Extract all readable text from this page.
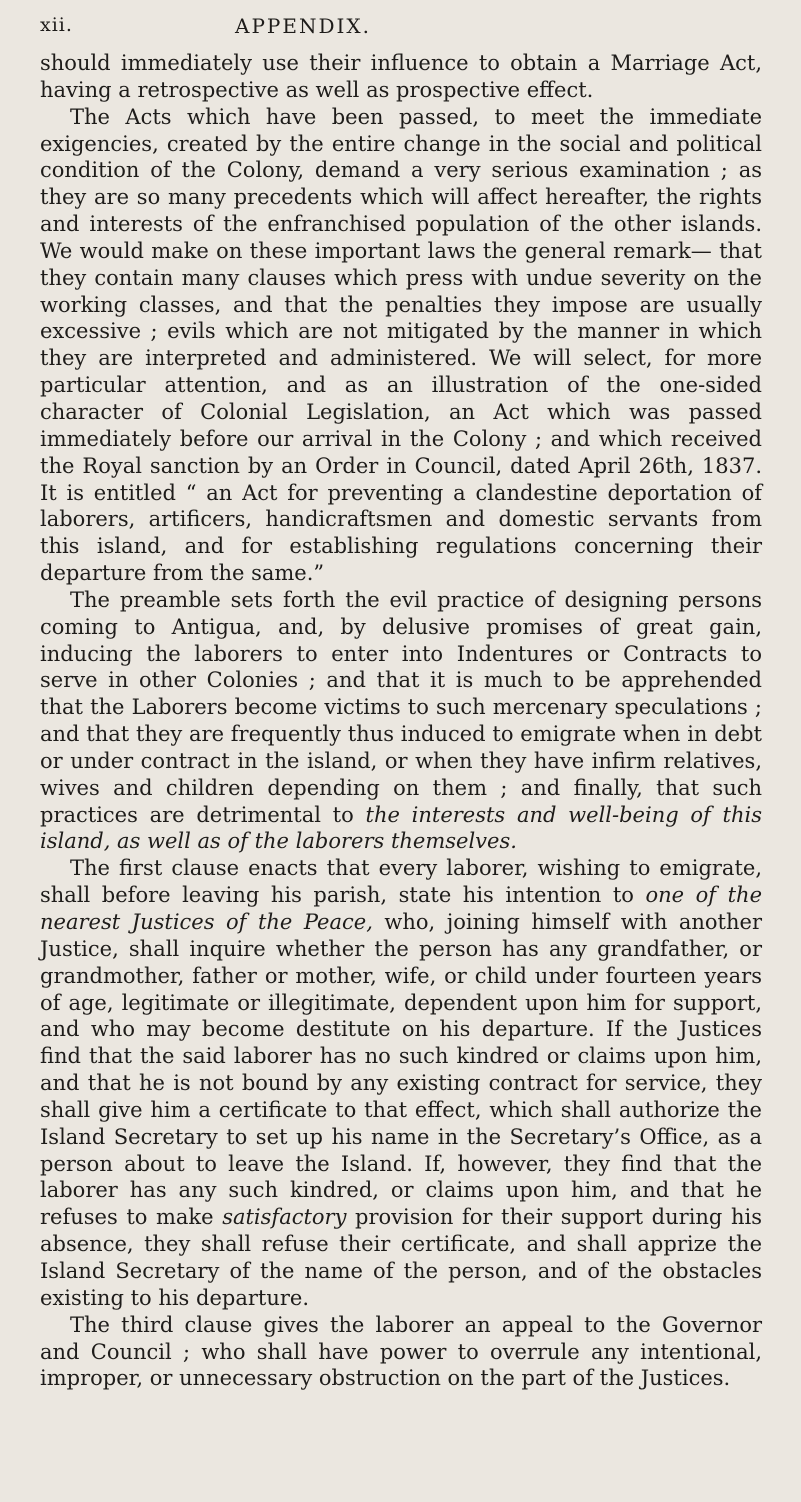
xii.	APPENDIX.

should immediately use their influence to obtain a Marriage Act, having a retrospective as well as prospective effect.

The Acts which have been passed, to meet the immediate exigencies, created by the entire change in the social and political condition of the Colony, demand a very serious examination ; as they are so many precedents which will affect hereafter, the rights and interests of the enfranchised population of the other islands. We would make on these important laws the general remark— that they contain many clauses which press with undue severity on the working classes, and that the penalties they impose are usually excessive ; evils which are not mitigated by the manner in which they are interpreted and administered. We will select, for more particular attention, and as an illustration of the one-sided character of Colonial Legislation, an Act which was passed immediately before our arrival in the Colony ; and which received the Royal sanction by an Order in Council, dated April 26th, 1837. It is entitled “ an Act for preventing a clandestine deportation of laborers, artificers, handicraftsmen and domestic servants from this island, and for establishing regulations concerning their departure from the same.”

The preamble sets forth the evil practice of designing persons coming to Antigua, and, by delusive promises of great gain, inducing the laborers to enter into Indentures or Contracts to serve in other Colonies ; and that it is much to be apprehended that the Laborers become victims to such mercenary speculations ; and that they are frequently thus induced to emigrate when in debt or under contract in the island, or when they have infirm relatives, wives and children depending on them ; and finally, that such practices are detrimental to the interests and well-being of this island, as well as of the laborers themselves.

The first clause enacts that every laborer, wishing to emigrate, shall before leaving his parish, state his intention to one of the nearest Justices of the Peace, who, joining himself with another Justice, shall inquire whether the person has any grandfather, or grandmother, father or mother, wife, or child under fourteen years of age, legitimate or illegitimate, dependent upon him for support, and who may become destitute on his departure. If the Justices find that the said laborer has no such kindred or claims upon him, and that he is not bound by any existing contract for service, they shall give him a certificate to that effect, which shall authorize the Island Secretary to set up his name in the Secretary’s Office, as a person about to leave the Island. If, however, they find that the laborer has any such kindred, or claims upon him, and that he refuses to make satisfactory provision for their support during his absence, they shall refuse their certificate, and shall apprize the Island Secretary of the name of the person, and of the obstacles existing to his departure.

The third clause gives the laborer an appeal to the Governor and Council ; who shall have power to overrule any intentional, improper, or unnecessary obstruction on the part of the Justices.
